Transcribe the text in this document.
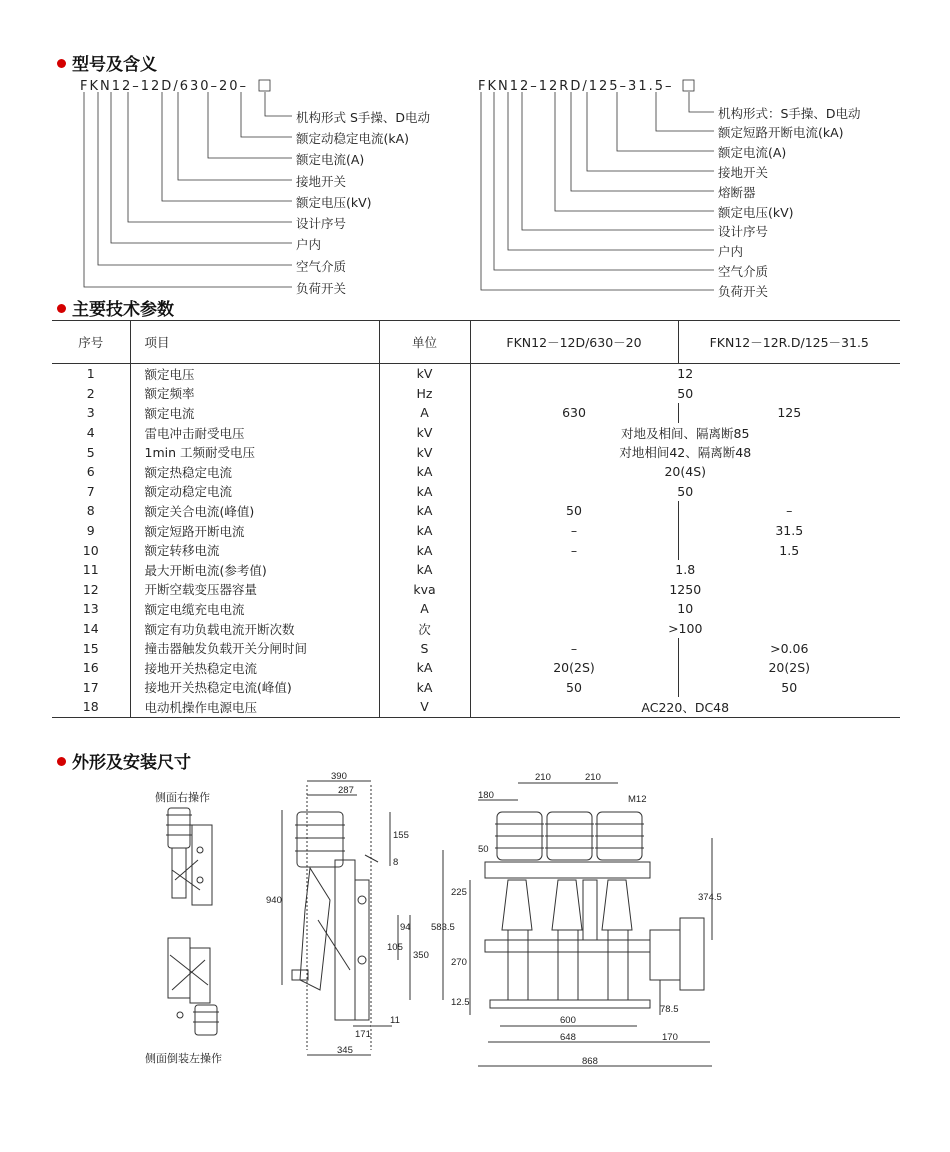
型号及含义
FKN12–12D/630–20–	FKN12–12RD/125–31.5–
机构形式 S手操、D电动
额定动稳定电流(kA)
额定电流(A)
接地开关
额定电压(kV)
设计序号
户内
空气介质
负荷开关
机构形式：S手操、D电动
额定短路开断电流(kA)
额定电流(A)
接地开关
熔断器
额定电压(kV)
设计序号
户内
空气介质
负荷开关
主要技术参数
序号	项目	单位	FKN12－12D/630－20	FKN12－12R.D/125－31.5
1	额定电压	kV	12	
2	额定频率	Hz	50	
3	额定电流	A	630	125
4	雷电冲击耐受电压	kV	对地及相间、隔离断85	
5	1min 工频耐受电压	kV	对地相间42、隔离断48	
6	额定热稳定电流	kA	20(4S)	
7	额定动稳定电流	kA	50	
8	额定关合电流(峰值)	kA	50	–
9	额定短路开断电流	kA	–	31.5
10	额定转移电流	kA	–	1.5
11	最大开断电流(参考值)	kA	1.8	
12	开断空载变压器容量	kva	1250	
13	额定电缆充电电流	A	10	
14	额定有功负载电流开断次数	次	>100	
15	撞击器触发负载开关分闸时间	S	–	>0.06
16	接地开关热稳定电流	kA	20(2S)	20(2S)
17	接地开关热稳定电流(峰值)	kA	50	50
18	电动机操作电源电压	V	AC220、DC48	
外形及安装尺寸
侧面右操作
侧面倒装左操作
390
287
155
8
940
105
94
350
171
11
345
210	210
180	M12
50
225
583.5
270
12.5
374.5
78.5
600
648	170
868
